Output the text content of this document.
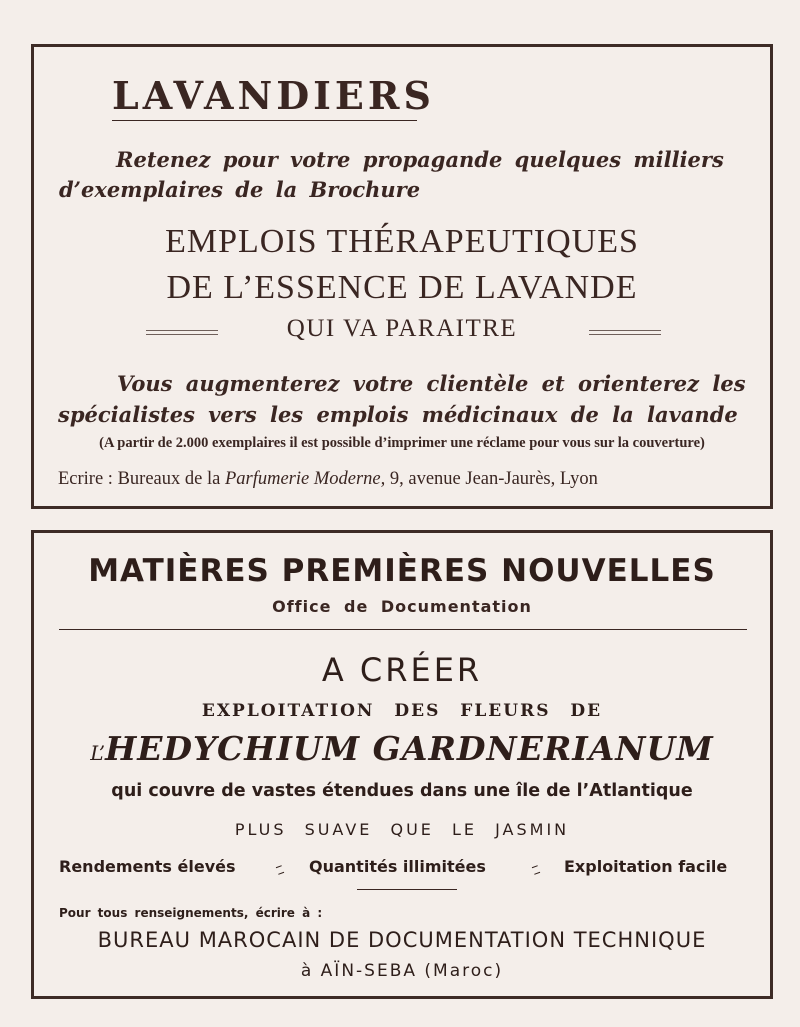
LAVANDIERS
Retenez pour votre propagande quelques milliers
d’exemplaires de la Brochure
EMPLOIS THÉRAPEUTIQUES
DE L’ESSENCE DE LAVANDE
QUI VA PARAITRE
Vous augmenterez votre clientèle et orienterez les
spécialistes vers les emplois médicinaux de la lavande
(A partir de 2.000 exemplaires il est possible d’imprimer une réclame pour vous sur la couverture)
Ecrire : Bureaux de la Parfumerie Moderne, 9, avenue Jean-Jaurès, Lyon
MATIÈRES PREMIÈRES NOUVELLES
Office de Documentation
A CRÉER
EXPLOITATION DES FLEURS DE
L’HEDYCHIUM GARDNERIANUM
qui couvre de vastes étendues dans une île de l’Atlantique
PLUS SUAVE QUE LE JASMIN
Rendements élevés	Quantités illimitées	Exploitation facile
Pour tous renseignements, écrire à :
BUREAU MAROCAIN DE DOCUMENTATION TECHNIQUE
à AÏN-SEBA (Maroc)
